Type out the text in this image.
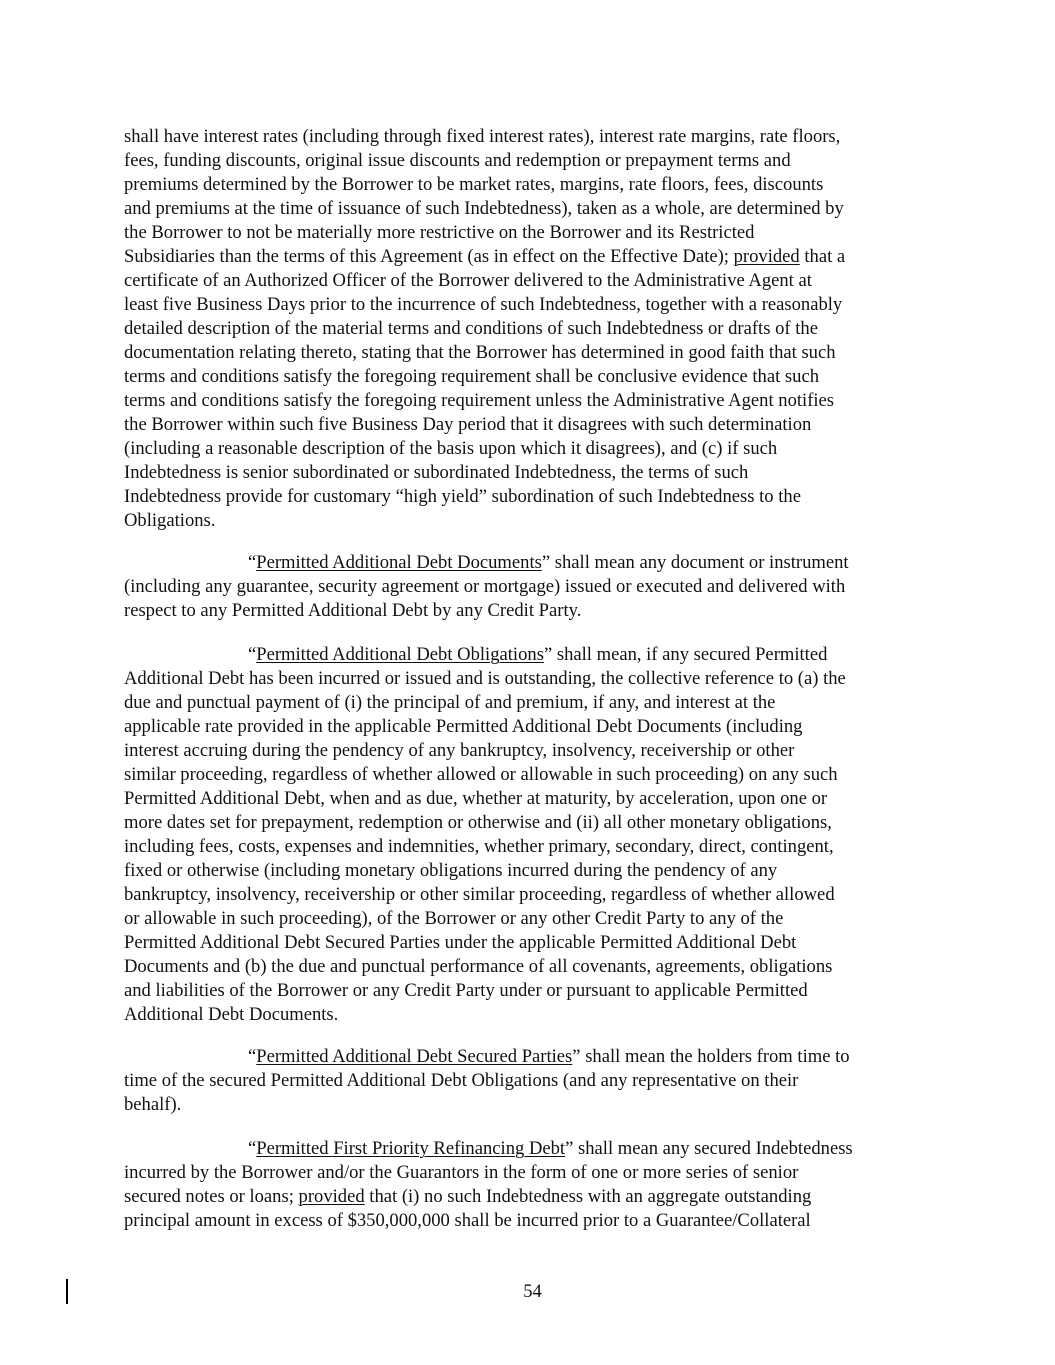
shall have interest rates (including through fixed interest rates), interest rate margins, rate floors,
fees, funding discounts, original issue discounts and redemption or prepayment terms and
premiums determined by the Borrower to be market rates, margins, rate floors, fees, discounts
and premiums at the time of issuance of such Indebtedness), taken as a whole, are determined by
the Borrower to not be materially more restrictive on the Borrower and its Restricted
Subsidiaries than the terms of this Agreement (as in effect on the Effective Date); provided that a
certificate of an Authorized Officer of the Borrower delivered to the Administrative Agent at
least five Business Days prior to the incurrence of such Indebtedness, together with a reasonably
detailed description of the material terms and conditions of such Indebtedness or drafts of the
documentation relating thereto, stating that the Borrower has determined in good faith that such
terms and conditions satisfy the foregoing requirement shall be conclusive evidence that such
terms and conditions satisfy the foregoing requirement unless the Administrative Agent notifies
the Borrower within such five Business Day period that it disagrees with such determination
(including a reasonable description of the basis upon which it disagrees), and (c) if such
Indebtedness is senior subordinated or subordinated Indebtedness, the terms of such
Indebtedness provide for customary “high yield” subordination of such Indebtedness to the
Obligations.
“Permitted Additional Debt Documents” shall mean any document or instrument
(including any guarantee, security agreement or mortgage) issued or executed and delivered with
respect to any Permitted Additional Debt by any Credit Party.
“Permitted Additional Debt Obligations” shall mean, if any secured Permitted
Additional Debt has been incurred or issued and is outstanding, the collective reference to (a) the
due and punctual payment of (i) the principal of and premium, if any, and interest at the
applicable rate provided in the applicable Permitted Additional Debt Documents (including
interest accruing during the pendency of any bankruptcy, insolvency, receivership or other
similar proceeding, regardless of whether allowed or allowable in such proceeding) on any such
Permitted Additional Debt, when and as due, whether at maturity, by acceleration, upon one or
more dates set for prepayment, redemption or otherwise and (ii) all other monetary obligations,
including fees, costs, expenses and indemnities, whether primary, secondary, direct, contingent,
fixed or otherwise (including monetary obligations incurred during the pendency of any
bankruptcy, insolvency, receivership or other similar proceeding, regardless of whether allowed
or allowable in such proceeding), of the Borrower or any other Credit Party to any of the
Permitted Additional Debt Secured Parties under the applicable Permitted Additional Debt
Documents and (b) the due and punctual performance of all covenants, agreements, obligations
and liabilities of the Borrower or any Credit Party under or pursuant to applicable Permitted
Additional Debt Documents.
“Permitted Additional Debt Secured Parties” shall mean the holders from time to
time of the secured Permitted Additional Debt Obligations (and any representative on their
behalf).
“Permitted First Priority Refinancing Debt” shall mean any secured Indebtedness
incurred by the Borrower and/or the Guarantors in the form of one or more series of senior
secured notes or loans; provided that (i) no such Indebtedness with an aggregate outstanding
principal amount in excess of $350,000,000 shall be incurred prior to a Guarantee/Collateral
54
